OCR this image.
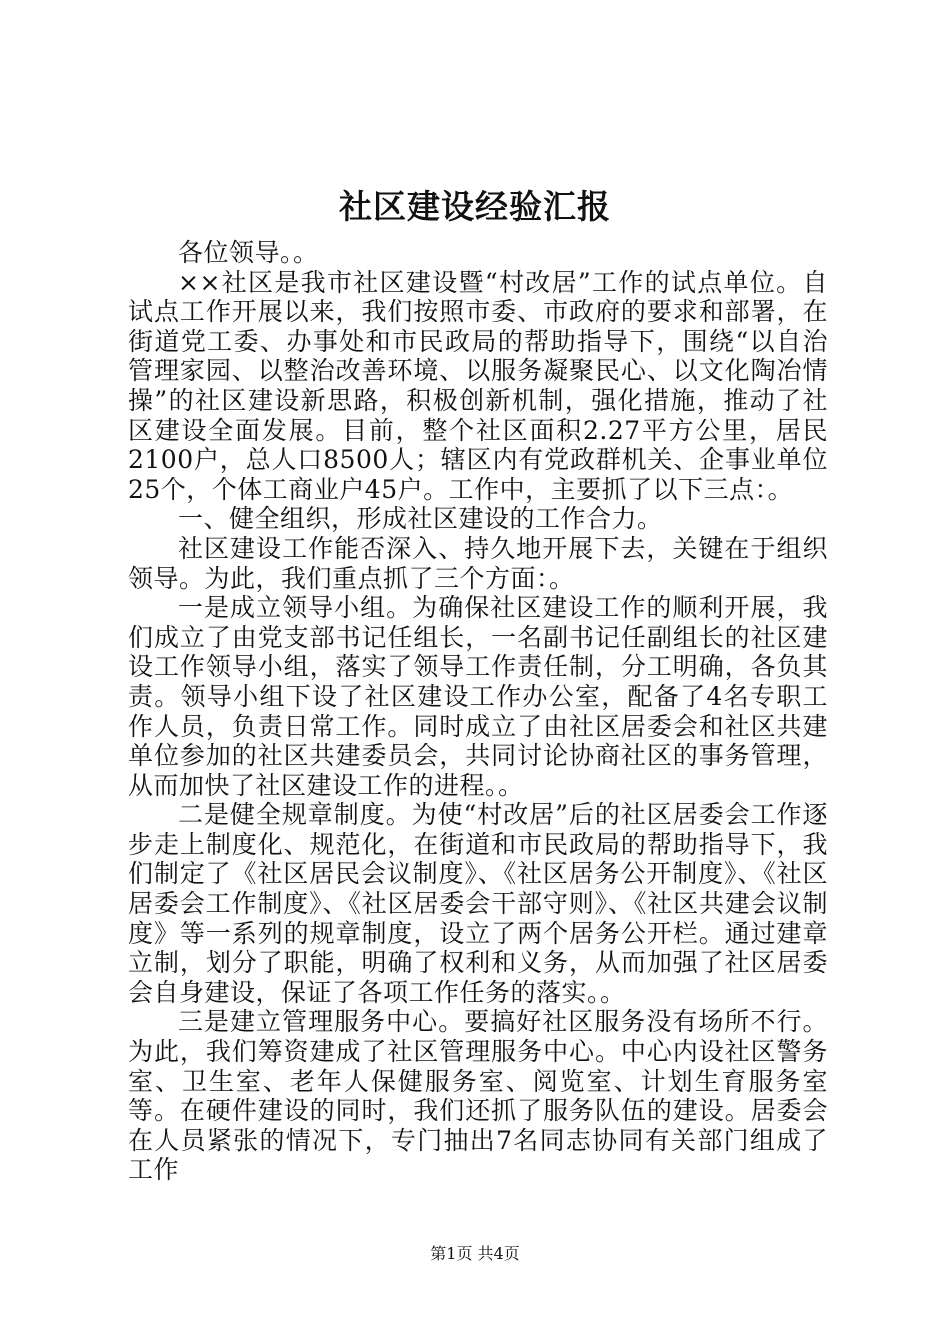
社区建设经验汇报

各位领导。。

××社区是我市社区建设暨“村改居”工作的试点单位。自试点工作开展以来，我们按照市委、市政府的要求和部署，在街道党工委、办事处和市民政局的帮助指导下，围绕“以自治管理家园、以整治改善环境、以服务凝聚民心、以文化陶冶情操”的社区建设新思路，积极创新机制，强化措施，推动了社区建设全面发展。目前，整个社区面积2.27平方公里，居民2100户，总人口8500人；辖区内有党政群机关、企事业单位25个，个体工商业户45户。工作中，主要抓了以下三点：。

一、健全组织，形成社区建设的工作合力。

社区建设工作能否深入、持久地开展下去，关键在于组织领导。为此，我们重点抓了三个方面：。

一是成立领导小组。为确保社区建设工作的顺利开展，我们成立了由党支部书记任组长，一名副书记任副组长的社区建设工作领导小组，落实了领导工作责任制，分工明确，各负其责。领导小组下设了社区建设工作办公室，配备了4名专职工作人员，负责日常工作。同时成立了由社区居委会和社区共建单位参加的社区共建委员会，共同讨论协商社区的事务管理，从而加快了社区建设工作的进程。。

二是健全规章制度。为使“村改居”后的社区居委会工作逐步走上制度化、规范化，在街道和市民政局的帮助指导下，我们制定了《社区居民会议制度》、《社区居务公开制度》、《社区居委会工作制度》、《社区居委会干部守则》、《社区共建会议制度》等一系列的规章制度，设立了两个居务公开栏。通过建章立制，划分了职能，明确了权利和义务，从而加强了社区居委会自身建设，保证了各项工作任务的落实。。

三是建立管理服务中心。要搞好社区服务没有场所不行。为此，我们筹资建成了社区管理服务中心。中心内设社区警务室、卫生室、老年人保健服务室、阅览室、计划生育服务室等。在硬件建设的同时，我们还抓了服务队伍的建设。居委会在人员紧张的情况下，专门抽出7名同志协同有关部门组成了工作

第1页 共4页
